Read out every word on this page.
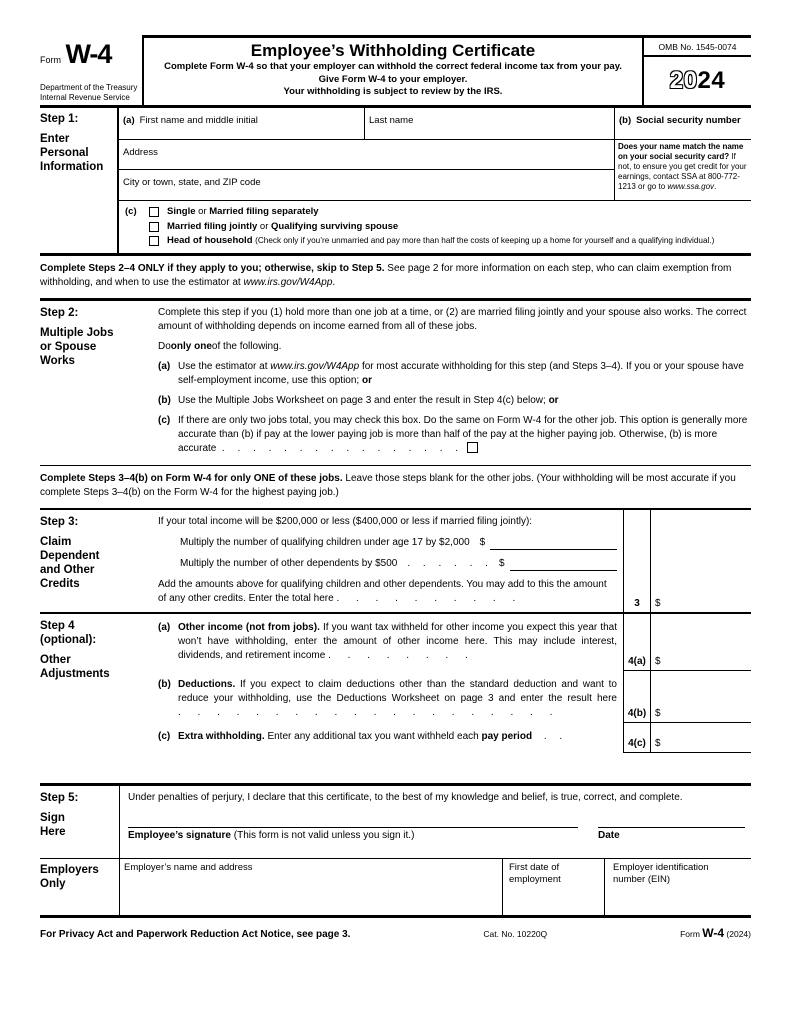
Form W-4
Department of the Treasury
Internal Revenue Service
Employee’s Withholding Certificate
Complete Form W-4 so that your employer can withhold the correct federal income tax from your pay.
Give Form W-4 to your employer.
Your withholding is subject to review by the IRS.
OMB No. 1545-0074
20 24
Step 1:
Enter
Personal
Information
(a) First name and middle initial	Last name	(b) Social security number
Address
City or town, state, and ZIP code
Does your name match the name on your social security card? If not, to ensure you get credit for your earnings, contact SSA at 800-772-1213 or go to www.ssa.gov.
(c)	Single or Married filing separately
Married filing jointly or Qualifying surviving spouse
Head of household (Check only if you’re unmarried and pay more than half the costs of keeping up a home for yourself and a qualifying individual.)
Complete Steps 2–4 ONLY if they apply to you; otherwise, skip to Step 5. See page 2 for more information on each step, who can claim exemption from withholding, and when to use the estimator at www.irs.gov/W4App.
Step 2:
Multiple Jobs
or Spouse
Works
Complete this step if you (1) hold more than one job at a time, or (2) are married filing jointly and your spouse also works. The correct amount of withholding depends on income earned from all of these jobs.
Do only one of the following.
(a) Use the estimator at www.irs.gov/W4App for most accurate withholding for this step (and Steps 3–4). If you or your spouse have self-employment income, use this option; or
(b) Use the Multiple Jobs Worksheet on page 3 and enter the result in Step 4(c) below; or
(c) If there are only two jobs total, you may check this box. Do the same on Form W-4 for the other job. This option is generally more accurate than (b) if pay at the lower paying job is more than half of the pay at the higher paying job. Otherwise, (b) is more accurate . . . . . . . . . . . . . . . .
Complete Steps 3–4(b) on Form W-4 for only ONE of these jobs. Leave those steps blank for the other jobs. (Your withholding will be most accurate if you complete Steps 3–4(b) on the Form W-4 for the highest paying job.)
Step 3:
Claim
Dependent
and Other
Credits
If your total income will be $200,000 or less ($400,000 or less if married filing jointly):
Multiply the number of qualifying children under age 17 by $2,000 $
Multiply the number of other dependents by $500 . . . . . . $
Add the amounts above for qualifying children and other dependents. You may add to this the amount of any other credits. Enter the total here . . . . . . . . . .	3 $
Step 4
(optional):
Other
Adjustments
(a) Other income (not from jobs). If you want tax withheld for other income you expect this year that won’t have withholding, enter the amount of other income here. This may include interest, dividends, and retirement income . . . . . . . .
4(a) $
(b) Deductions. If you expect to claim deductions other than the standard deduction and want to reduce your withholding, use the Deductions Worksheet on page 3 and enter the result here . . . . . . . . . . . . . . . . . . . .	4(b) $
(c) Extra withholding. Enter any additional tax you want withheld each pay period . .
4(c) $
Step 5:
Sign
Here
Under penalties of perjury, I declare that this certificate, to the best of my knowledge and belief, is true, correct, and complete.
Employee’s signature (This form is not valid unless you sign it.)	Date
Employers
Only
Employer’s name and address	First date of employment
Employer identification number (EIN)
For Privacy Act and Paperwork Reduction Act Notice, see page 3.	Cat. No. 10220Q	Form W-4 (2024)
